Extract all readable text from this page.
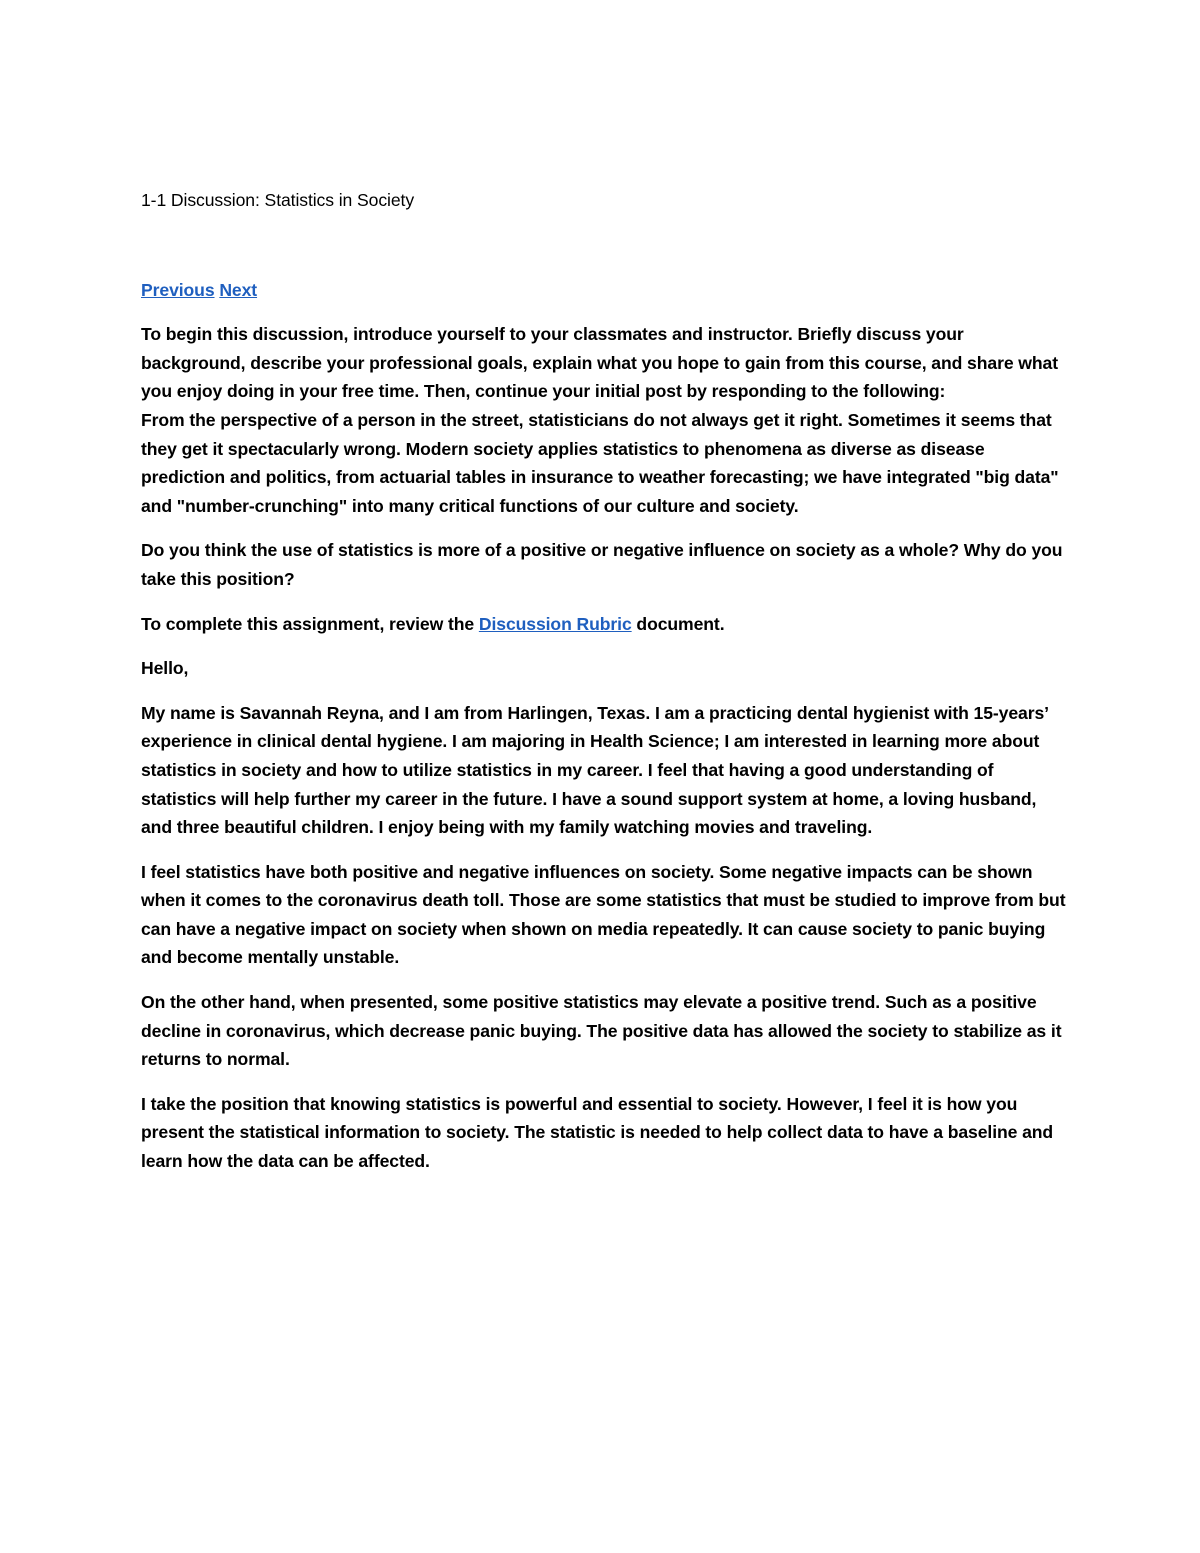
1-1 Discussion: Statistics in Society

Previous Next

To begin this discussion, introduce yourself to your classmates and instructor. Briefly discuss your background, describe your professional goals, explain what you hope to gain from this course, and share what you enjoy doing in your free time. Then, continue your initial post by responding to the following:

From the perspective of a person in the street, statisticians do not always get it right. Sometimes it seems that they get it spectacularly wrong. Modern society applies statistics to phenomena as diverse as disease prediction and politics, from actuarial tables in insurance to weather forecasting; we have integrated "big data" and "number-crunching" into many critical functions of our culture and society.

Do you think the use of statistics is more of a positive or negative influence on society as a whole? Why do you take this position?

To complete this assignment, review the Discussion Rubric document.

Hello,

My name is Savannah Reyna, and I am from Harlingen, Texas. I am a practicing dental hygienist with 15-years’ experience in clinical dental hygiene. I am majoring in Health Science; I am interested in learning more about statistics in society and how to utilize statistics in my career. I feel that having a good understanding of statistics will help further my career in the future. I have a sound support system at home, a loving husband, and three beautiful children. I enjoy being with my family watching movies and traveling.

I feel statistics have both positive and negative influences on society. Some negative impacts can be shown when it comes to the coronavirus death toll. Those are some statistics that must be studied to improve from but can have a negative impact on society when shown on media repeatedly. It can cause society to panic buying and become mentally unstable.

On the other hand, when presented, some positive statistics may elevate a positive trend. Such as a positive decline in coronavirus, which decrease panic buying. The positive data has allowed the society to stabilize as it returns to normal.

I take the position that knowing statistics is powerful and essential to society. However, I feel it is how you present the statistical information to society. The statistic is needed to help collect data to have a baseline and learn how the data can be affected.
